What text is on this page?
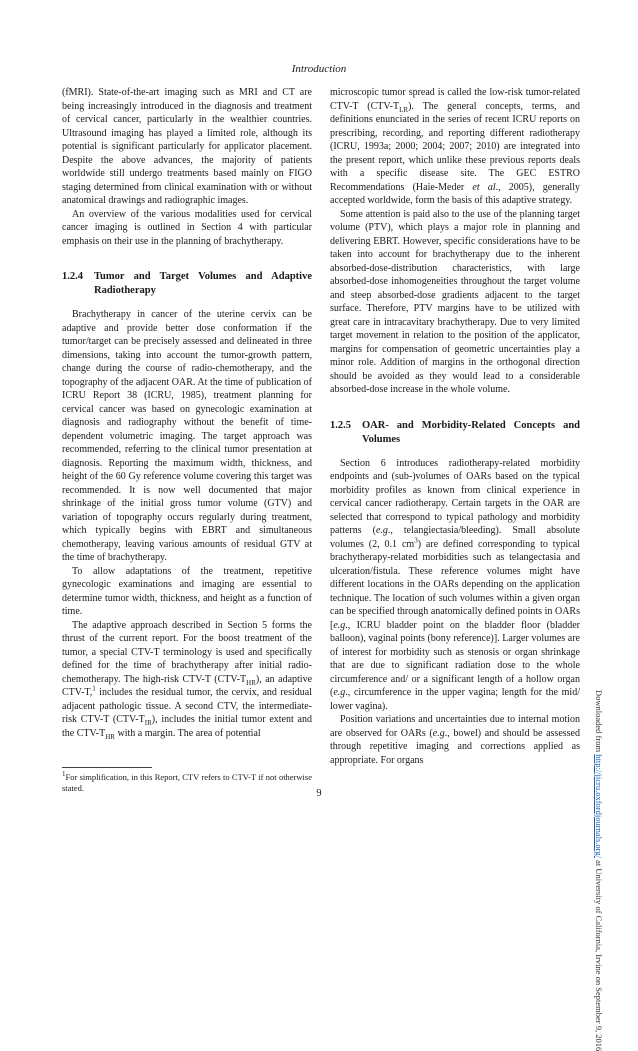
Introduction

(fMRI). State-of-the-art imaging such as MRI and CT are being increasingly introduced in the diagnosis and treatment of cervical cancer, particularly in the wealthier countries. Ultrasound imaging has played a limited role, although its potential is significant particularly for applicator placement. Despite the above advances, the majority of patients worldwide still undergo treatments based mainly on FIGO staging determined from clinical examination with or without anatomical drawings and radiographic images.

An overview of the various modalities used for cervical cancer imaging is outlined in Section 4 with particular emphasis on their use in the planning of brachytherapy.

1.2.4	Tumor and Target Volumes and Adaptive Radiotherapy

Brachytherapy in cancer of the uterine cervix can be adaptive and provide better dose conformation if the tumor/target can be precisely assessed and delineated in three dimensions, taking into account the tumor-growth pattern, change during the course of radio-chemotherapy, and the topography of the adjacent OAR. At the time of publication of ICRU Report 38 (ICRU, 1985), treatment planning for cervical cancer was based on gynecologic examination at diagnosis and radiography without the benefit of time-dependent volumetric imaging. The target approach was recommended, referring to the clinical tumor presentation at diagnosis. Reporting the maximum width, thickness, and height of the 60 Gy reference volume covering this target was recommended. It is now well documented that major shrinkage of the initial gross tumor volume (GTV) and variation of topography occurs regularly during treatment, which typically begins with EBRT and simultaneous chemotherapy, leaving various amounts of residual GTV at the time of brachytherapy.

To allow adaptations of the treatment, repetitive gynecologic examinations and imaging are essential to determine tumor width, thickness, and height as a function of time.

The adaptive approach described in Section 5 forms the thrust of the current report. For the boost treatment of the tumor, a special CTV-T terminology is used and specifically defined for the time of brachytherapy after initial radio-chemotherapy. The high-risk CTV-T $(CTV-T_{HR})$, an adaptive CTV-T,$^1$ includes the residual tumor, the cervix, and residual adjacent pathologic tissue. A second CTV, the intermediate-risk CTV-T $(CTV-T_{IR})$, includes the initial tumor extent and the CTV-$T_{HR}$ with a margin. The area of potential

microscopic tumor spread is called the low-risk tumor-related CTV-T $(CTV-T_{LR})$. The general concepts, terms, and definitions enunciated in the series of recent ICRU reports on prescribing, recording, and reporting different radiotherapy (ICRU, 1993a; 2000; 2004; 2007; 2010) are integrated into the present report, which unlike these previous reports deals with a specific disease site. The GEC ESTRO Recommendations (Haie-Meder et al., 2005), generally accepted worldwide, form the basis of this adaptive strategy.

Some attention is paid also to the use of the planning target volume (PTV), which plays a major role in planning and delivering EBRT. However, specific considerations have to be taken into account for brachytherapy due to the inherent absorbed-dose-distribution characteristics, with large absorbed-dose inhomogeneities throughout the target volume and steep absorbed-dose gradients adjacent to the target surface. Therefore, PTV margins have to be utilized with great care in intracavitary brachytherapy. Due to very limited target movement in relation to the position of the applicator, margins for compensation of geometric uncertainties play a minor role. Addition of margins in the orthogonal direction should be avoided as they would lead to a considerable absorbed-dose increase in the whole volume.

1.2.5	OAR- and Morbidity-Related Concepts and Volumes

Section 6 introduces radiotherapy-related morbidity endpoints and (sub-)volumes of OARs based on the typical morbidity profiles as known from clinical experience in cervical cancer radiotherapy. Certain targets in the OAR are selected that correspond to typical pathology and morbidity patterns (e.g., telangiectasia/bleeding). Small absolute volumes (2, 0.1 $cm^3$) are defined corresponding to typical brachytherapy-related morbidities such as telangectasia and ulceration/fistula. These reference volumes might have different locations in the OARs depending on the application technique. The location of such volumes within a given organ can be specified through anatomically defined points in OARs [e.g., ICRU bladder point on the bladder floor (bladder balloon), vaginal points (bony reference)]. Larger volumes are of interest for morbidity such as stenosis or organ shrinkage that are due to significant radiation dose to the whole circumference and/ or a significant length of a hollow organ (e.g., circumference in the upper vagina; length for the mid/ lower vagina).

Position variations and uncertainties due to internal motion are observed for OARs (e.g., bowel) and should be assessed through repetitive imaging and corrections applied as appropriate. For organs

$^1$For simplification, in this Report, CTV refers to CTV-T if not otherwise stated.	9
Downloaded from http://jicru.oxfordjournals.org/ at University of California, Irvine on September 9, 2016
